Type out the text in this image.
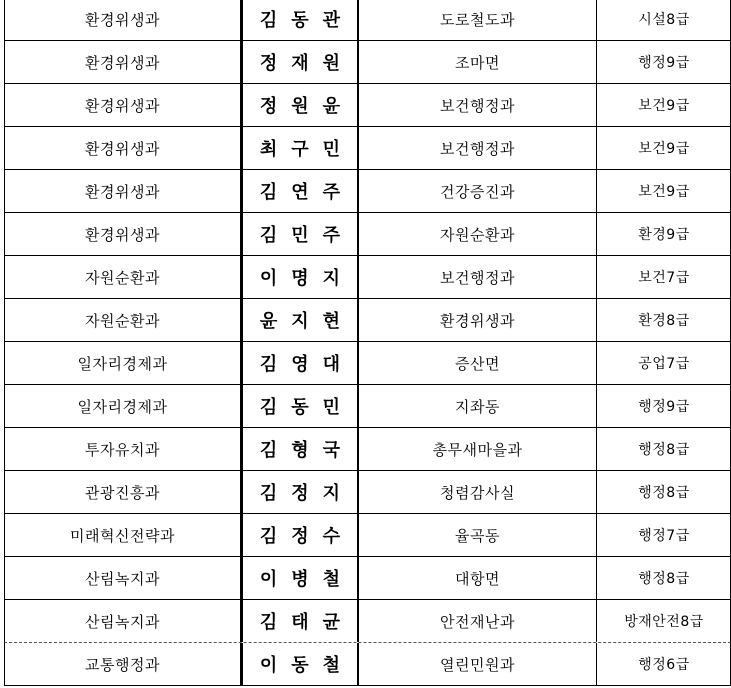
환경위생과	김동관	도로철도과	시설8급
환경위생과	정재원	조마면	행정9급
환경위생과	정원윤	보건행정과	보건9급
환경위생과	최구민	보건행정과	보건9급
환경위생과	김연주	건강증진과	보건9급
환경위생과	김민주	자원순환과	환경9급
자원순환과	이명지	보건행정과	보건7급
자원순환과	윤지현	환경위생과	환경8급
일자리경제과	김영대	증산면	공업7급
일자리경제과	김동민	지좌동	행정9급
투자유치과	김형국	총무새마을과	행정8급
관광진흥과	김정지	청렴감사실	행정8급
미래혁신전략과	김정수	율곡동	행정7급
산림녹지과	이병철	대항면	행정8급
산림녹지과	김태균	안전재난과	방재안전8급
교통행정과	이동철	열린민원과	행정6급
